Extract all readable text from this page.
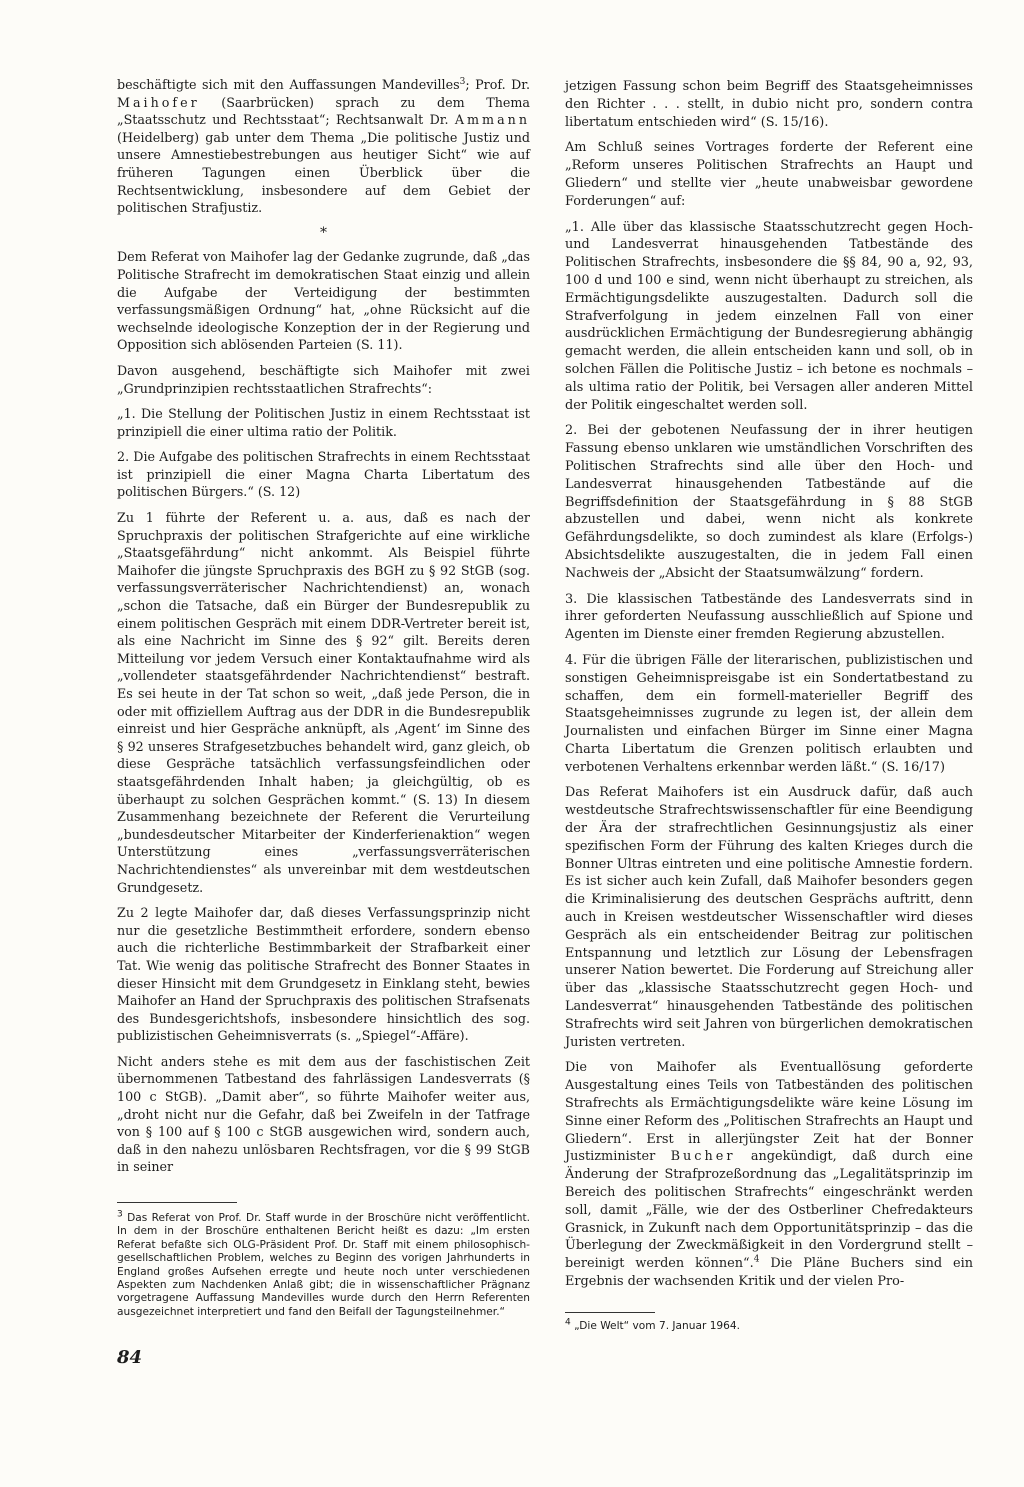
beschäftigte sich mit den Auffassungen Mandevilles$^3$; Prof. Dr. Maihofer (Saarbrücken) sprach zu dem Thema „Staatsschutz und Rechtsstaat“; Rechtsanwalt Dr. Ammann (Heidelberg) gab unter dem Thema „Die politische Justiz und unsere Amnestiebestrebungen aus heutiger Sicht“ wie auf früheren Tagungen einen Überblick über die Rechtsentwicklung, insbesondere auf dem Gebiet der politischen Strafjustiz.

*

Dem Referat von Maihofer lag der Gedanke zugrunde, daß „das Politische Strafrecht im demokratischen Staat einzig und allein die Aufgabe der Verteidigung der bestimmten verfassungsmäßigen Ordnung“ hat, „ohne Rücksicht auf die wechselnde ideologische Konzeption der in der Regierung und Opposition sich ablösenden Parteien (S. 11).

Davon ausgehend, beschäftigte sich Maihofer mit zwei „Grundprinzipien rechtsstaatlichen Strafrechts“:

„1. Die Stellung der Politischen Justiz in einem Rechtsstaat ist prinzipiell die einer ultima ratio der Politik.

2. Die Aufgabe des politischen Strafrechts in einem Rechtsstaat ist prinzipiell die einer Magna Charta Libertatum des politischen Bürgers.“ (S. 12)

Zu 1 führte der Referent u. a. aus, daß es nach der Spruchpraxis der politischen Strafgerichte auf eine wirkliche „Staatsgefährdung“ nicht ankommt. Als Beispiel führte Maihofer die jüngste Spruchpraxis des BGH zu § 92 StGB (sog. verfassungsverräterischer Nachrichtendienst) an, wonach „schon die Tatsache, daß ein Bürger der Bundesrepublik zu einem politischen Gespräch mit einem DDR-Vertreter bereit ist, als eine Nachricht im Sinne des § 92“ gilt. Bereits deren Mitteilung vor jedem Versuch einer Kontaktaufnahme wird als „vollendeter staatsgefährdender Nachrichtendienst“ bestraft. Es sei heute in der Tat schon so weit, „daß jede Person, die in oder mit offiziellem Auftrag aus der DDR in die Bundesrepublik einreist und hier Gespräche anknüpft, als ‚Agent‘ im Sinne des § 92 unseres Strafgesetzbuches behandelt wird, ganz gleich, ob diese Gespräche tatsächlich verfassungsfeindlichen oder staatsgefährdenden Inhalt haben; ja gleichgültig, ob es überhaupt zu solchen Gesprächen kommt.“ (S. 13) In diesem Zusammenhang bezeichnete der Referent die Verurteilung „bundesdeutscher Mitarbeiter der Kinderferienaktion“ wegen Unterstützung eines „verfassungsverräterischen Nachrichtendienstes“ als unvereinbar mit dem westdeutschen Grundgesetz.

Zu 2 legte Maihofer dar, daß dieses Verfassungsprinzip nicht nur die gesetzliche Bestimmtheit erfordere, sondern ebenso auch die richterliche Bestimmbarkeit der Strafbarkeit einer Tat. Wie wenig das politische Strafrecht des Bonner Staates in dieser Hinsicht mit dem Grundgesetz in Einklang steht, bewies Maihofer an Hand der Spruchpraxis des politischen Strafsenats des Bundesgerichtshofs, insbesondere hinsichtlich des sog. publizistischen Geheimnisverrats (s. „Spiegel“-Affäre).

Nicht anders stehe es mit dem aus der faschistischen Zeit übernommenen Tatbestand des fahrlässigen Landesverrats (§ 100 c StGB). „Damit aber“, so führte Maihofer weiter aus, „droht nicht nur die Gefahr, daß bei Zweifeln in der Tatfrage von § 100 auf § 100 c StGB ausgewichen wird, sondern auch, daß in den nahezu unlösbaren Rechtsfragen, vor die § 99 StGB in seiner

$^3$ Das Referat von Prof. Dr. Staff wurde in der Broschüre nicht veröffentlicht. In dem in der Broschüre enthaltenen Bericht heißt es dazu: „Im ersten Referat befaßte sich OLG-Präsident Prof. Dr. Staff mit einem philosophisch-gesellschaftlichen Problem, welches zu Beginn des vorigen Jahrhunderts in England großes Aufsehen erregte und heute noch unter verschiedenen Aspekten zum Nachdenken Anlaß gibt; die in wissenschaftlicher Prägnanz vorgetragene Auffassung Mandevilles wurde durch den Herrn Referenten ausgezeichnet interpretiert und fand den Beifall der Tagungsteilnehmer.“

jetzigen Fassung schon beim Begriff des Staatsgeheimnisses den Richter . . . stellt, in dubio nicht pro, sondern contra libertatum entschieden wird“ (S. 15/16).

Am Schluß seines Vortrages forderte der Referent eine „Reform unseres Politischen Strafrechts an Haupt und Gliedern“ und stellte vier „heute unabweisbar gewordene Forderungen“ auf:

„1. Alle über das klassische Staatsschutzrecht gegen Hoch- und Landesverrat hinausgehenden Tatbestände des Politischen Strafrechts, insbesondere die §§ 84, 90 a, 92, 93, 100 d und 100 e sind, wenn nicht überhaupt zu streichen, als Ermächtigungsdelikte auszugestalten. Dadurch soll die Strafverfolgung in jedem einzelnen Fall von einer ausdrücklichen Ermächtigung der Bundesregierung abhängig gemacht werden, die allein entscheiden kann und soll, ob in solchen Fällen die Politische Justiz – ich betone es nochmals – als ultima ratio der Politik, bei Versagen aller anderen Mittel der Politik eingeschaltet werden soll.

2. Bei der gebotenen Neufassung der in ihrer heutigen Fassung ebenso unklaren wie umständlichen Vorschriften des Politischen Strafrechts sind alle über den Hoch- und Landesverrat hinausgehenden Tatbestände auf die Begriffsdefinition der Staatsgefährdung in § 88 StGB abzustellen und dabei, wenn nicht als konkrete Gefährdungsdelikte, so doch zumindest als klare (Erfolgs-) Absichtsdelikte auszugestalten, die in jedem Fall einen Nachweis der „Absicht der Staatsumwälzung“ fordern.

3. Die klassischen Tatbestände des Landesverrats sind in ihrer geforderten Neufassung ausschließlich auf Spione und Agenten im Dienste einer fremden Regierung abzustellen.

4. Für die übrigen Fälle der literarischen, publizistischen und sonstigen Geheimnispreisgabe ist ein Sondertatbestand zu schaffen, dem ein formell-materieller Begriff des Staatsgeheimnisses zugrunde zu legen ist, der allein dem Journalisten und einfachen Bürger im Sinne einer Magna Charta Libertatum die Grenzen politisch erlaubten und verbotenen Verhaltens erkennbar werden läßt.“ (S. 16/17)

Das Referat Maihofers ist ein Ausdruck dafür, daß auch westdeutsche Strafrechtswissenschaftler für eine Beendigung der Ära der strafrechtlichen Gesinnungsjustiz als einer spezifischen Form der Führung des kalten Krieges durch die Bonner Ultras eintreten und eine politische Amnestie fordern. Es ist sicher auch kein Zufall, daß Maihofer besonders gegen die Kriminalisierung des deutschen Gesprächs auftritt, denn auch in Kreisen westdeutscher Wissenschaftler wird dieses Gespräch als ein entscheidender Beitrag zur politischen Entspannung und letztlich zur Lösung der Lebensfragen unserer Nation bewertet. Die Forderung auf Streichung aller über das „klassische Staatsschutzrecht gegen Hoch- und Landesverrat“ hinausgehenden Tatbestände des politischen Strafrechts wird seit Jahren von bürgerlichen demokratischen Juristen vertreten.

Die von Maihofer als Eventuallösung geforderte Ausgestaltung eines Teils von Tatbeständen des politischen Strafrechts als Ermächtigungsdelikte wäre keine Lösung im Sinne einer Reform des „Politischen Strafrechts an Haupt und Gliedern“. Erst in allerjüngster Zeit hat der Bonner Justizminister Bucher angekündigt, daß durch eine Änderung der Strafprozeßordnung das „Legalitätsprinzip im Bereich des politischen Strafrechts“ eingeschränkt werden soll, damit „Fälle, wie der des Ostberliner Chefredakteurs Grasnick, in Zukunft nach dem Opportunitätsprinzip – das die Überlegung der Zweckmäßigkeit in den Vordergrund stellt – bereinigt werden können“.$^4$ Die Pläne Buchers sind ein Ergebnis der wachsenden Kritik und der vielen Pro-

$^4$ „Die Welt“ vom 7. Januar 1964.

84
